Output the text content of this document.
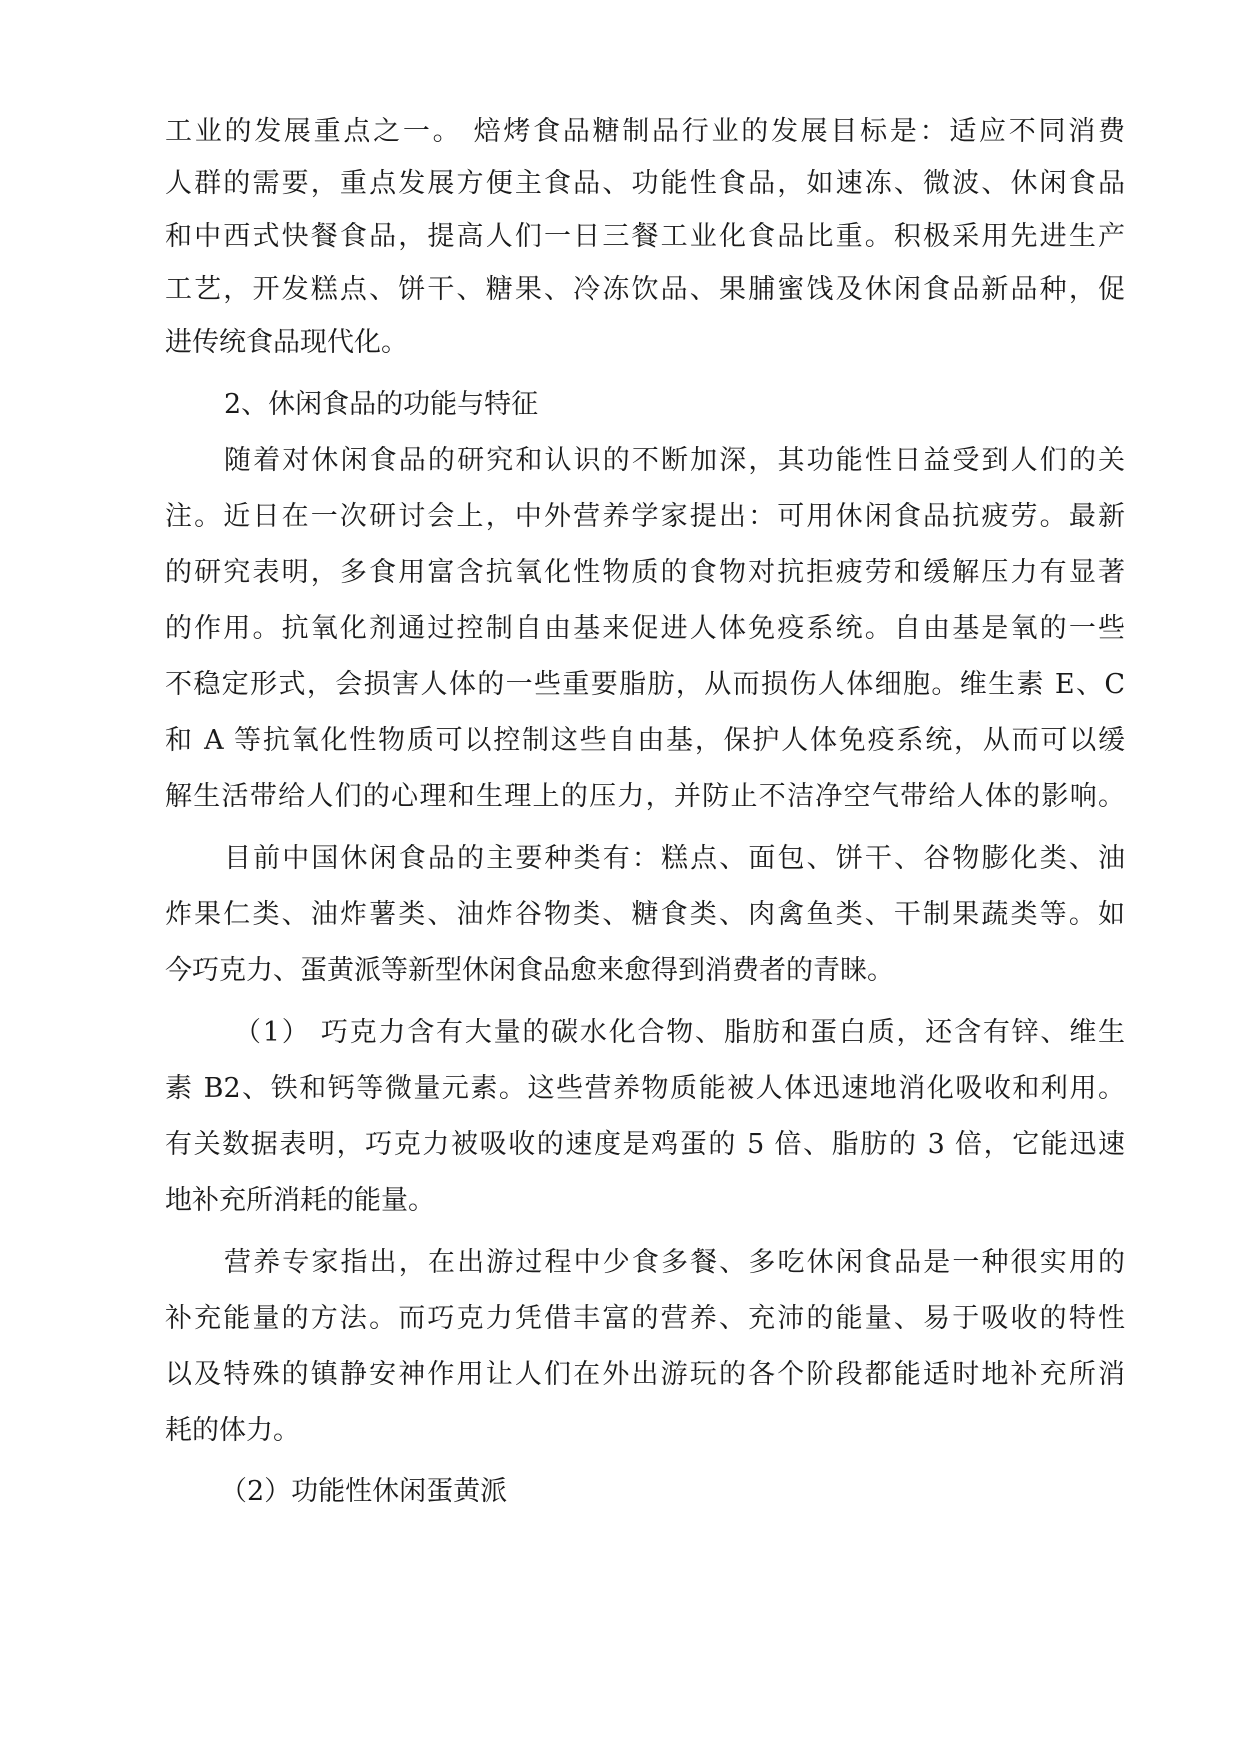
工业的发展重点之一。 焙烤食品糖制品行业的发展目标是：适应不同消费
人群的需要，重点发展方便主食品、功能性食品，如速冻、微波、休闲食品
和中西式快餐食品，提高人们一日三餐工业化食品比重。积极采用先进生产
工艺，开发糕点、饼干、糖果、冷冻饮品、果脯蜜饯及休闲食品新品种，促
进传统食品现代化。
2、休闲食品的功能与特征
随着对休闲食品的研究和认识的不断加深，其功能性日益受到人们的关
注。近日在一次研讨会上，中外营养学家提出：可用休闲食品抗疲劳。最新
的研究表明，多食用富含抗氧化性物质的食物对抗拒疲劳和缓解压力有显著
的作用。抗氧化剂通过控制自由基来促进人体免疫系统。自由基是氧的一些
不稳定形式，会损害人体的一些重要脂肪，从而损伤人体细胞。维生素 E、C
和 A 等抗氧化性物质可以控制这些自由基，保护人体免疫系统，从而可以缓
解生活带给人们的心理和生理上的压力，并防止不洁净空气带给人体的影响。
目前中国休闲食品的主要种类有：糕点、面包、饼干、谷物膨化类、油
炸果仁类、油炸薯类、油炸谷物类、糖食类、肉禽鱼类、干制果蔬类等。如
今巧克力、蛋黄派等新型休闲食品愈来愈得到消费者的青睐。
（1） 巧克力含有大量的碳水化合物、脂肪和蛋白质，还含有锌、维生
素 B2、铁和钙等微量元素。这些营养物质能被人体迅速地消化吸收和利用。
有关数据表明，巧克力被吸收的速度是鸡蛋的 5 倍、脂肪的 3 倍，它能迅速
地补充所消耗的能量。
营养专家指出，在出游过程中少食多餐、多吃休闲食品是一种很实用的
补充能量的方法。而巧克力凭借丰富的营养、充沛的能量、易于吸收的特性
以及特殊的镇静安神作用让人们在外出游玩的各个阶段都能适时地补充所消
耗的体力。
（2）功能性休闲蛋黄派
